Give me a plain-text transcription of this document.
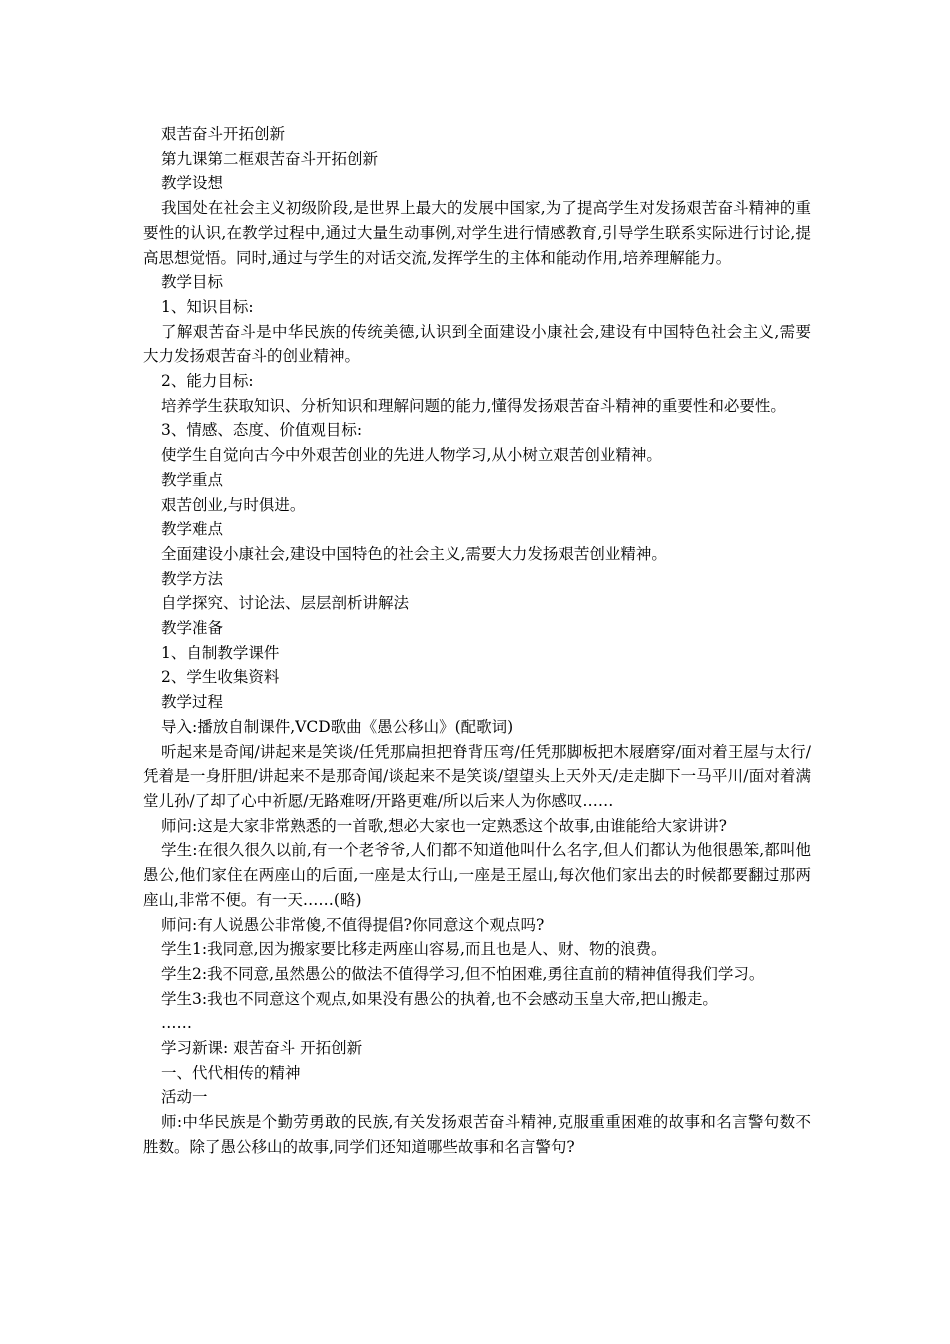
艰苦奋斗开拓创新

第九课第二框艰苦奋斗开拓创新

教学设想

我国处在社会主义初级阶段,是世界上最大的发展中国家,为了提高学生对发扬艰苦奋斗精神的重要性的认识,在教学过程中,通过大量生动事例,对学生进行情感教育,引导学生联系实际进行讨论,提高思想觉悟。同时,通过与学生的对话交流,发挥学生的主体和能动作用,培养理解能力。

教学目标

1、知识目标:

了解艰苦奋斗是中华民族的传统美德,认识到全面建设小康社会,建设有中国特色社会主义,需要大力发扬艰苦奋斗的创业精神。

2、能力目标:

培养学生获取知识、分析知识和理解问题的能力,懂得发扬艰苦奋斗精神的重要性和必要性。

3、情感、态度、价值观目标:

使学生自觉向古今中外艰苦创业的先进人物学习,从小树立艰苦创业精神。

教学重点

艰苦创业,与时俱进。

教学难点

全面建设小康社会,建设中国特色的社会主义,需要大力发扬艰苦创业精神。

教学方法

自学探究、讨论法、层层剖析讲解法

教学准备

1、自制教学课件

2、学生收集资料

教学过程

导入:播放自制课件,VCD歌曲《愚公移山》(配歌词)

听起来是奇闻/讲起来是笑谈/任凭那扁担把脊背压弯/任凭那脚板把木屐磨穿/面对着王屋与太行/凭着是一身肝胆/讲起来不是那奇闻/谈起来不是笑谈/望望头上天外天/走走脚下一马平川/面对着满堂儿孙/了却了心中祈愿/无路难呀/开路更难/所以后来人为你感叹……

师问:这是大家非常熟悉的一首歌,想必大家也一定熟悉这个故事,由谁能给大家讲讲?

学生:在很久很久以前,有一个老爷爷,人们都不知道他叫什么名字,但人们都认为他很愚笨,都叫他愚公,他们家住在两座山的后面,一座是太行山,一座是王屋山,每次他们家出去的时候都要翻过那两座山,非常不便。有一天……(略)

师问:有人说愚公非常傻,不值得提倡?你同意这个观点吗?

学生1:我同意,因为搬家要比移走两座山容易,而且也是人、财、物的浪费。

学生2:我不同意,虽然愚公的做法不值得学习,但不怕困难,勇往直前的精神值得我们学习。

学生3:我也不同意这个观点,如果没有愚公的执着,也不会感动玉皇大帝,把山搬走。

……

学习新课: 艰苦奋斗 开拓创新

一、代代相传的精神

活动一

师:中华民族是个勤劳勇敢的民族,有关发扬艰苦奋斗精神,克服重重困难的故事和名言警句数不胜数。除了愚公移山的故事,同学们还知道哪些故事和名言警句?
